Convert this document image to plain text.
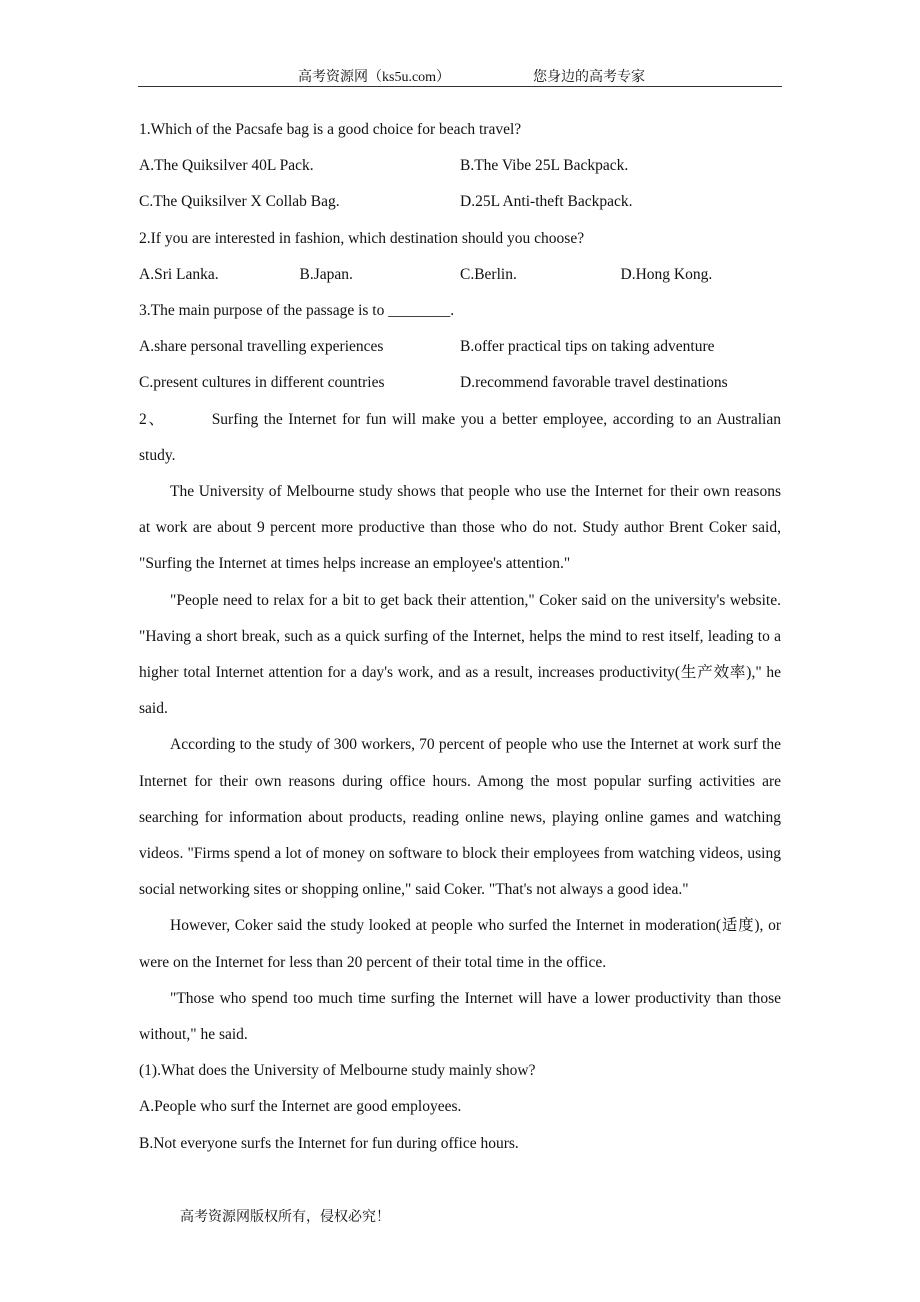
高考资源网（ks5u.com）	您身边的高考专家
1.Which of the Pacsafe bag is a good choice for beach travel?
A.The Quiksilver 40L Pack.	B.The Vibe 25L Backpack.
C.The Quiksilver X Collab Bag.	D.25L Anti-theft Backpack.
2.If you are interested in fashion, which destination should you choose?
A.Sri Lanka.	B.Japan.	C.Berlin.	D.Hong Kong.
3.The main purpose of the passage is to ________.
A.share personal travelling experiences	B.offer practical tips on taking adventure
C.present cultures in different countries	D.recommend favorable travel destinations

2、	Surfing the Internet for fun will make you a better employee, according to an Australian study.

The University of Melbourne study shows that people who use the Internet for their own reasons at work are about 9 percent more productive than those who do not. Study author Brent Coker said, "Surfing the Internet at times helps increase an employee's attention."

"People need to relax for a bit to get back their attention," Coker said on the university's website. "Having a short break, such as a quick surfing of the Internet, helps the mind to rest itself, leading to a higher total Internet attention for a day's work, and as a result, increases productivity(生产效率)," he said.

According to the study of 300 workers, 70 percent of people who use the Internet at work surf the Internet for their own reasons during office hours. Among the most popular surfing activities are searching for information about products, reading online news, playing online games and watching videos. "Firms spend a lot of money on software to block their employees from watching videos, using social networking sites or shopping online," said Coker. "That's not always a good idea."

However, Coker said the study looked at people who surfed the Internet in moderation(适度), or were on the Internet for less than 20 percent of their total time in the office.

"Those who spend too much time surfing the Internet will have a lower productivity than those without," he said.

(1).What does the University of Melbourne study mainly show?
A.People who surf the Internet are good employees.
B.Not everyone surfs the Internet for fun during office hours.
高考资源网版权所有，侵权必究！
